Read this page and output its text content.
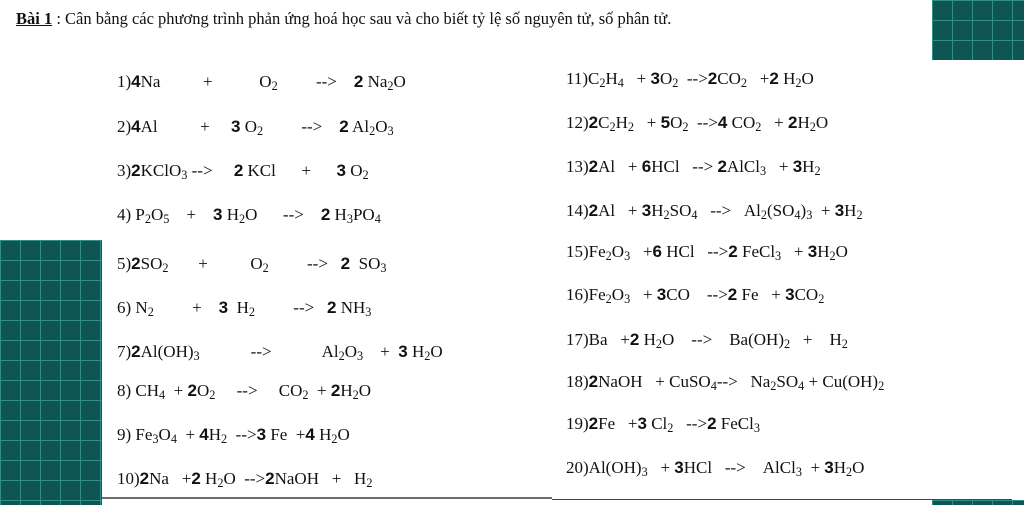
Bài 1 : Cân bằng các phương trình phản ứng hoá học sau và cho biết tỷ lệ số nguyên tử, số phân tử.
1) 4Na          +           $O_2$         -->    2 $Na_2O$
2) 4Al          +     3 $O_2$         -->    2 $Al_2O_3$
3) 2KClO$_3$ -->     2 KCl      +      3 $O_2$
4) $P_2O_5$    +    3 $H_2O$      -->    2 $H_3PO_4$
5) $2SO_2$       +          $O_2$         -->   2  $SO_3$
6) $N_2$         +    3  $H_2$         -->   2 $NH_3$
7) $2Al(OH)_3$            -->            $Al_2O_3$    +  3 $H_2O$
8) $CH_4 + 2O_2$     -->     $CO_2 + 2H_2O$
9) $Fe_3O_4 + 4H_2$  -->3 Fe  +4 $H_2O$
10) 2Na   +2 $H_2O$  -->2NaOH   +   $H_2$
11) $C_2H_4 + 3O_2$  $-->2CO_2 +2$ $H_2O$
12) $2C_2H_2 + 5O_2$  -->4 $CO_2 + 2H_2O$
13) 2Al   + 6HCl   --> 2AlCl$_3$   + $3H_2$
14) $2Al + 3H_2SO_4$   -->   $Al_2(SO_4)_3 + 3H_2$
15) $Fe_2O_3 +6$ HCl   -->2 FeCl$_3$   + $3H_2O$
16) $Fe_2O_3 + 3CO$    -->2 $Fe + 3CO_2$
17) Ba   +2 $H_2O$    -->    $Ba(OH)_2$   +    $H_2$
18) 2NaOH   + CuSO$_4$-->   $Na_2SO_4 + Cu(OH)_2$
19) 2Fe   +3 $Cl_2$   -->2 FeCl$_3$
20) $Al(OH)_3 + 3HCl$   -->    AlCl$_3$  + $3H_2O$
